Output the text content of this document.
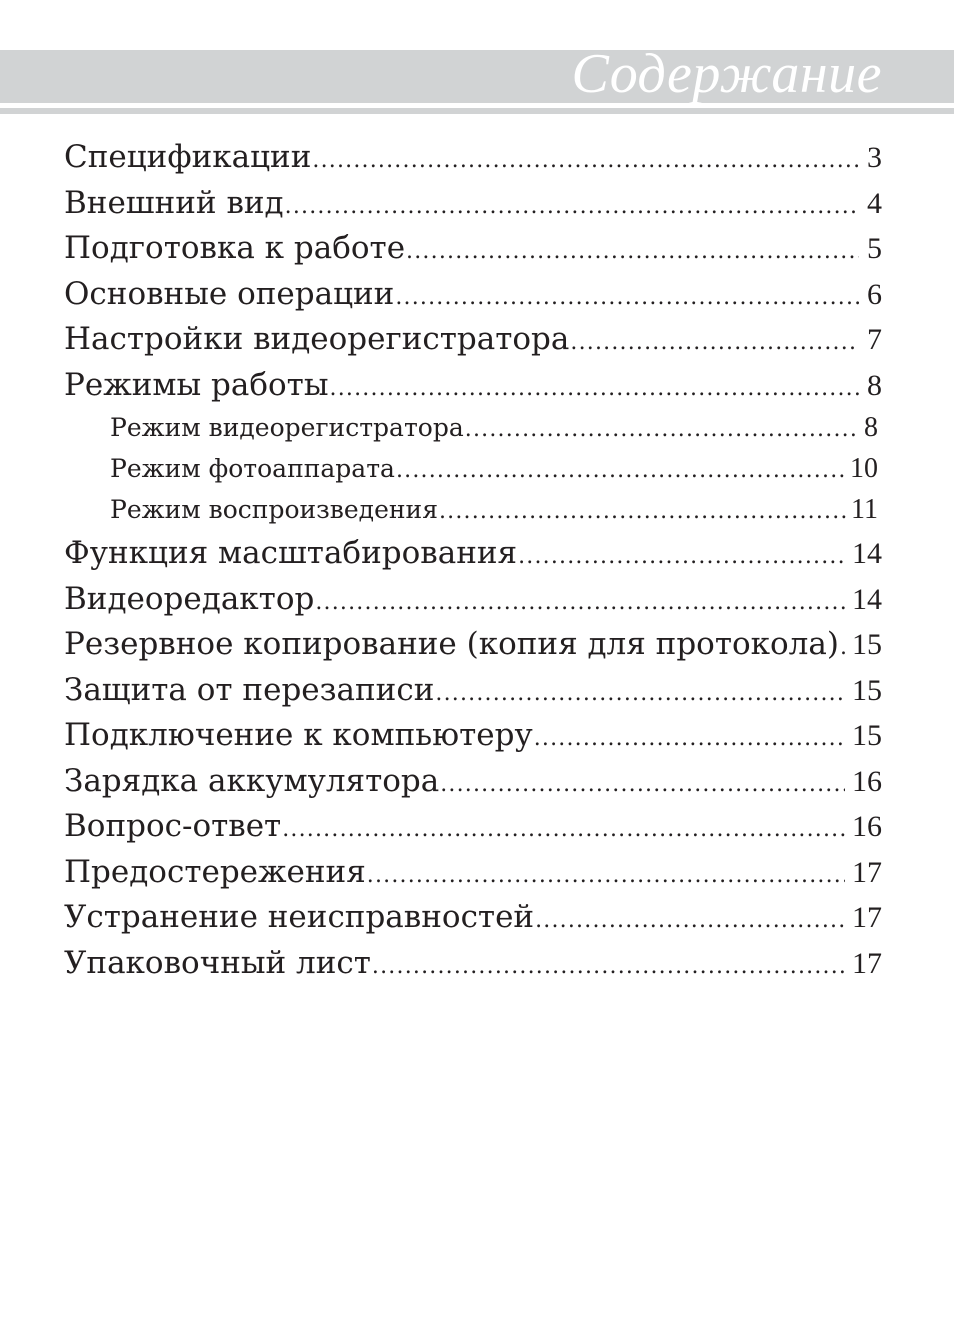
Содержание
Спецификации .....	3
Внешний вид .....	4
Подготовка к работе .....	5
Основные операции .....	6
Настройки видеорегистратора .....	7
Режимы работы .....	8
Режим видеорегистратора .....	8
Режим фотоаппарата .....	10
Режим воспроизведения .....	11
Функция масштабирования .....	14
Видеоредактор .....	14
Резервное копирование (копия для протокола) ..... 15
Защита от перезаписи .....	15
Подключение к компьютеру .....	15
Зарядка аккумулятора .....	16
Вопрос-ответ .....	16
Предостережения .....	17
Устранение неисправностей .....	17
Упаковочный лист .....	17
